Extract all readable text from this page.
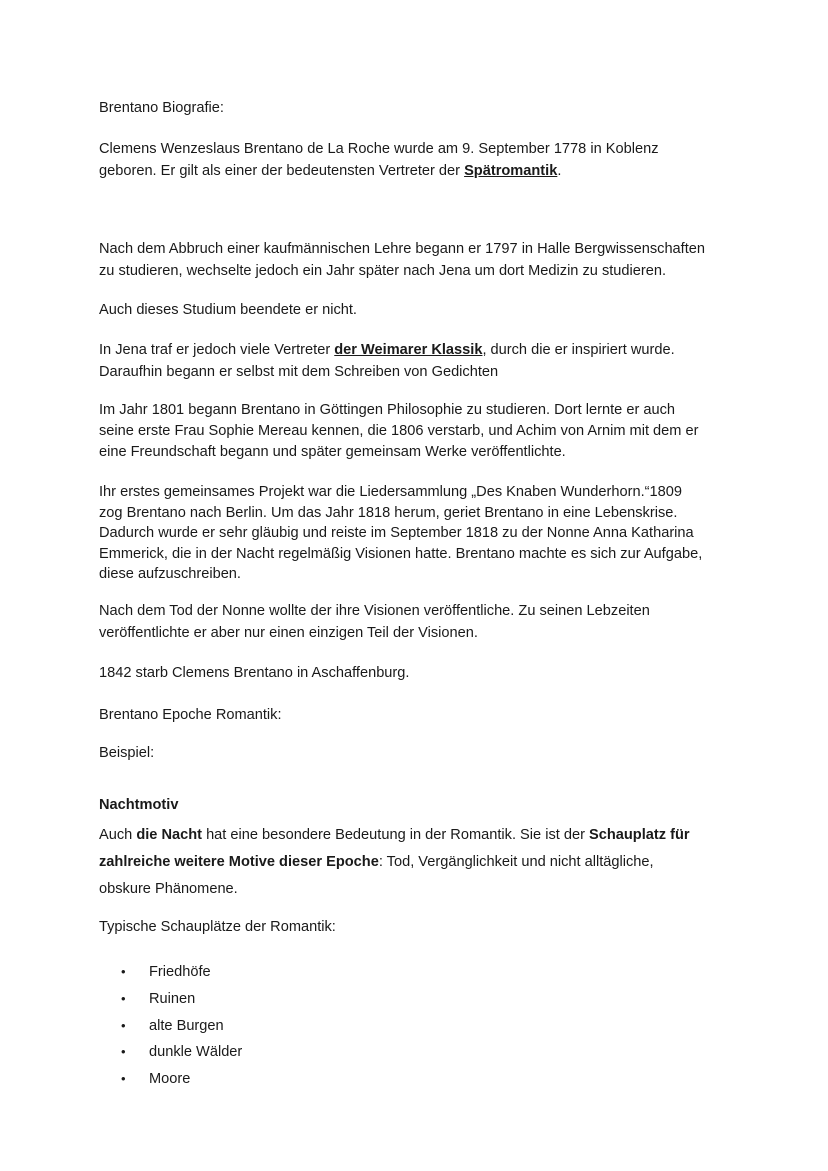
Brentano Biografie:

Clemens Wenzeslaus Brentano de La Roche wurde am 9. September 1778 in Koblenz

geboren. Er gilt als einer der bedeutensten Vertreter der Spätromantik.

Nach dem Abbruch einer kaufmännischen Lehre begann er 1797 in Halle Bergwissenschaften

zu studieren, wechselte jedoch ein Jahr später nach Jena um dort Medizin zu studieren.

Auch dieses Studium beendete er nicht.

In Jena traf er jedoch viele Vertreter der Weimarer Klassik, durch die er inspiriert wurde.

Daraufhin begann er selbst mit dem Schreiben von Gedichten

Im Jahr 1801 begann Brentano in Göttingen Philosophie zu studieren. Dort lernte er auch

seine erste Frau Sophie Mereau kennen, die 1806 verstarb, und Achim von Arnim mit dem er

eine Freundschaft begann und später gemeinsam Werke veröffentlichte.

Ihr erstes gemeinsames Projekt war die Liedersammlung „Des Knaben Wunderhorn.“1809

zog Brentano nach Berlin. Um das Jahr 1818 herum, geriet Brentano in eine Lebenskrise.

Dadurch wurde er sehr gläubig und reiste im September 1818 zu der Nonne Anna Katharina

Emmerick, die in der Nacht regelmäßig Visionen hatte. Brentano machte es sich zur Aufgabe,

diese aufzuschreiben.

Nach dem Tod der Nonne wollte der ihre Visionen veröffentliche. Zu seinen Lebzeiten

veröffentlichte er aber nur einen einzigen Teil der Visionen.

1842 starb Clemens Brentano in Aschaffenburg.

Brentano Epoche Romantik:

Beispiel:

Nachtmotiv

Auch die Nacht hat eine besondere Bedeutung in der Romantik. Sie ist der Schauplatz für

zahlreiche weitere Motive dieser Epoche: Tod, Vergänglichkeit und nicht alltägliche,

obskure Phänomene.

Typische Schauplätze der Romantik:

• Friedhöfe

• Ruinen

• alte Burgen

• dunkle Wälder

• Moore
